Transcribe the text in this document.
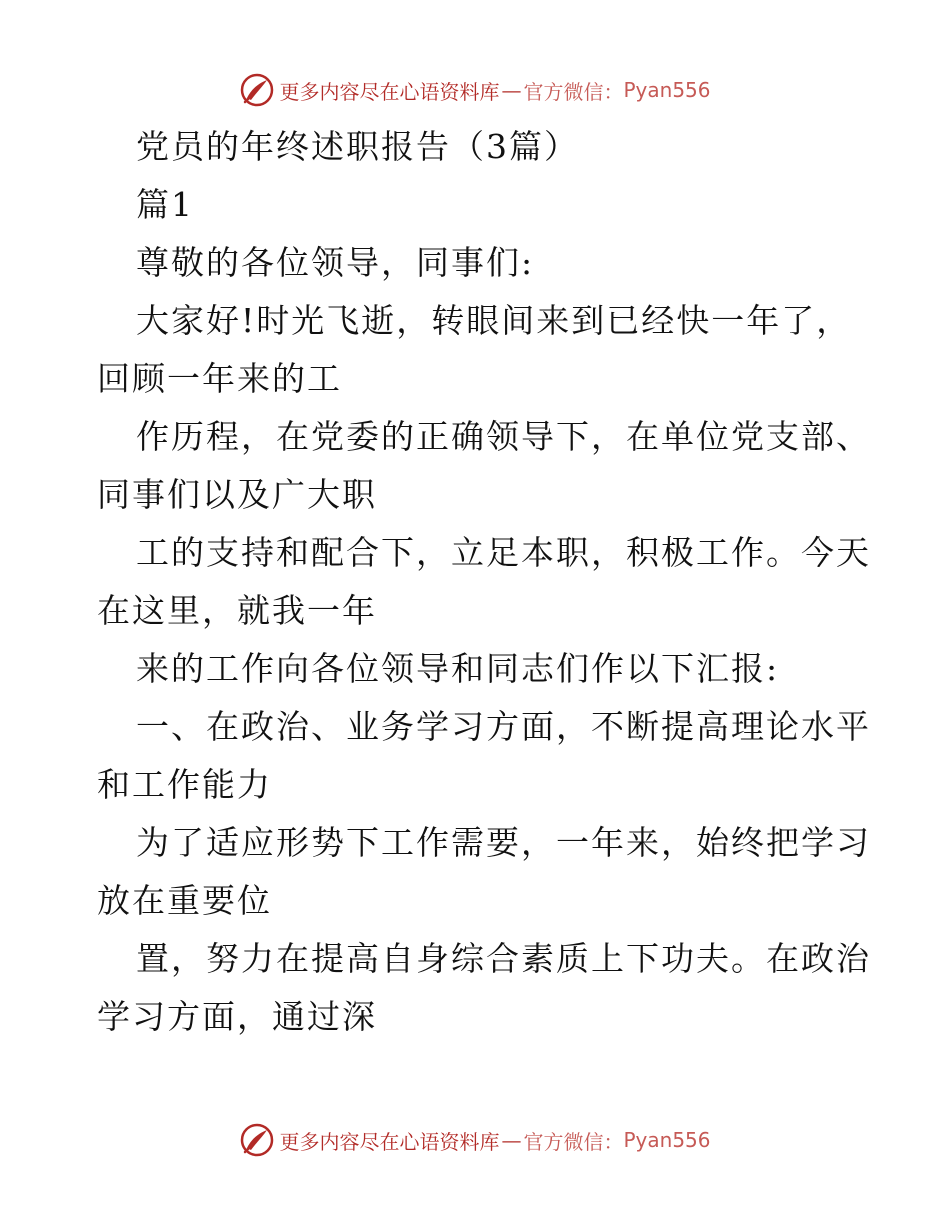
更多内容尽在心语资料库 — 官方微信： Pyan556
党员的年终述职报告（3篇）
篇1
尊敬的各位领导，同事们:
大家好!时光飞逝，转眼间来到已经快一年了，
回顾一年来的工
作历程，在党委的正确领导下，在单位党支部、
同事们以及广大职
工的支持和配合下，立足本职，积极工作。今天
在这里，就我一年
来的工作向各位领导和同志们作以下汇报:
一、在政治、业务学习方面，不断提高理论水平
和工作能力
为了适应形势下工作需要，一年来，始终把学习
放在重要位
置，努力在提高自身综合素质上下功夫。在政治
学习方面，通过深
更多内容尽在心语资料库 — 官方微信： Pyan556
